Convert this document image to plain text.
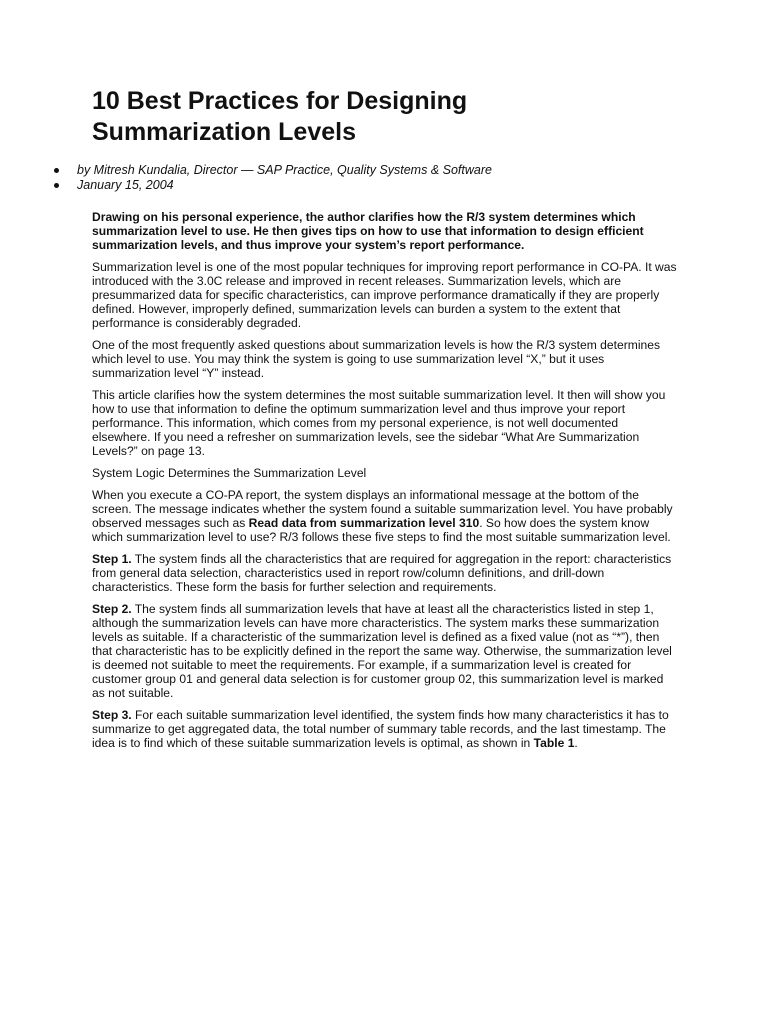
10 Best Practices for Designing
Summarization Levels
by Mitresh Kundalia, Director — SAP Practice, Quality Systems & Software
January 15, 2004

Drawing on his personal experience, the author clarifies how the R/3 system determines which summarization level to use. He then gives tips on how to use that information to design efficient summarization levels, and thus improve your system’s report performance.

Summarization level is one of the most popular techniques for improving report performance in CO-PA. It was introduced with the 3.0C release and improved in recent releases. Summarization levels, which are presummarized data for specific characteristics, can improve performance dramatically if they are properly defined. However, improperly defined, summarization levels can burden a system to the extent that performance is considerably degraded.

One of the most frequently asked questions about summarization levels is how the R/3 system determines which level to use. You may think the system is going to use summarization level “X,” but it uses summarization level “Y” instead.

This article clarifies how the system determines the most suitable summarization level. It then will show you how to use that information to define the optimum summarization level and thus improve your report performance. This information, which comes from my personal experience, is not well documented elsewhere. If you need a refresher on summarization levels, see the sidebar “What Are Summarization Levels?” on page 13.

System Logic Determines the Summarization Level

When you execute a CO-PA report, the system displays an informational message at the bottom of the screen. The message indicates whether the system found a suitable summarization level. You have probably observed messages such as Read data from summarization level 310. So how does the system know which summarization level to use? R/3 follows these five steps to find the most suitable summarization level.

Step 1. The system finds all the characteristics that are required for aggregation in the report: characteristics from general data selection, characteristics used in report row/column definitions, and drill-down characteristics. These form the basis for further selection and requirements.

Step 2. The system finds all summarization levels that have at least all the characteristics listed in step 1, although the summarization levels can have more characteristics. The system marks these summarization levels as suitable. If a characteristic of the summarization level is defined as a fixed value (not as “*”), then that characteristic has to be explicitly defined in the report the same way. Otherwise, the summarization level is deemed not suitable to meet the requirements. For example, if a summarization level is created for customer group 01 and general data selection is for customer group 02, this summarization level is marked as not suitable.

Step 3. For each suitable summarization level identified, the system finds how many characteristics it has to summarize to get aggregated data, the total number of summary table records, and the last timestamp. The idea is to find which of these suitable summarization levels is optimal, as shown in Table 1.
